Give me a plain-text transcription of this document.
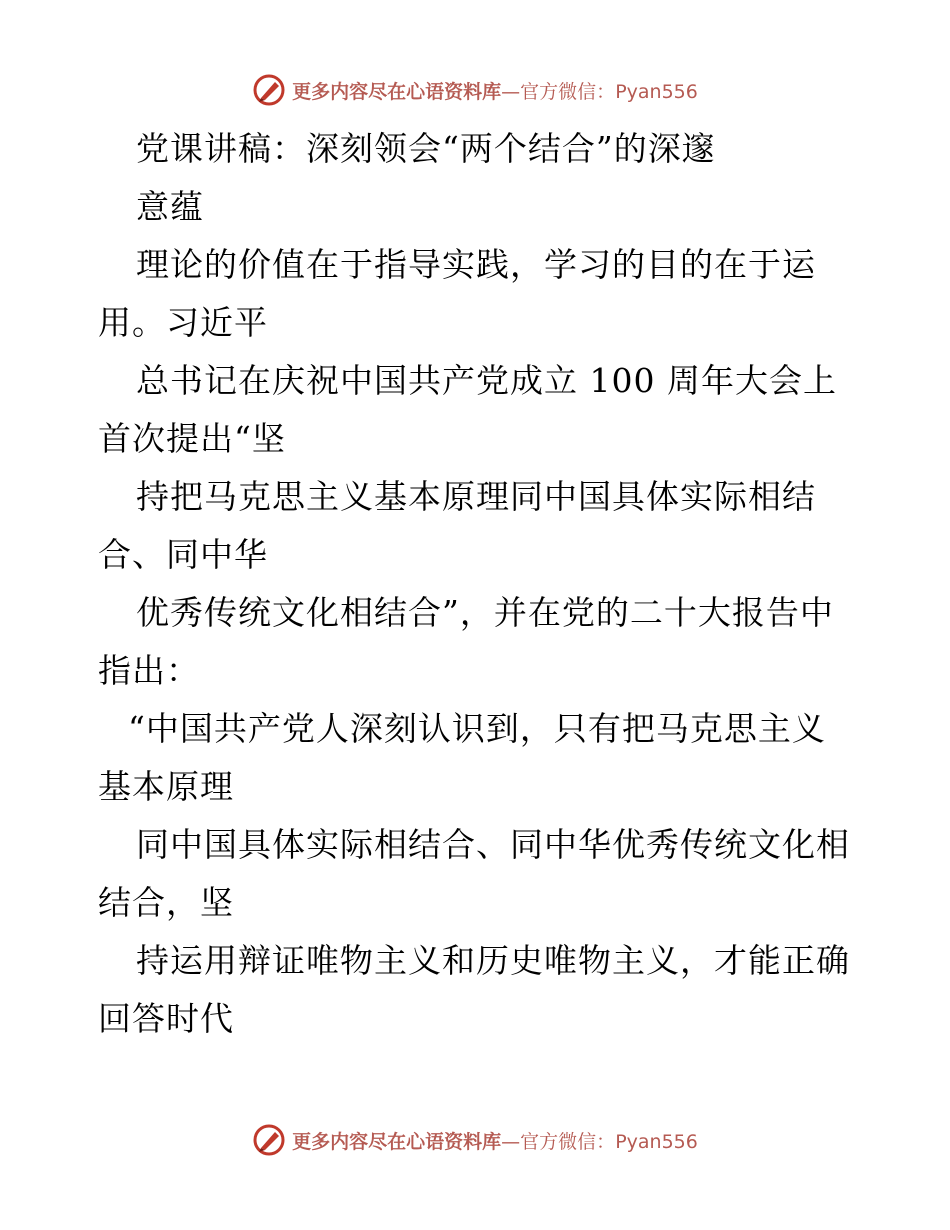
更多内容尽在心语资料库—官方微信：Pyan556
党课讲稿：深刻领会“两个结合”的深邃
意蕴
理论的价值在于指导实践，学习的目的在于运
用。习近平
总书记在庆祝中国共产党成立 100 周年大会上
首次提出“坚
持把马克思主义基本原理同中国具体实际相结
合、同中华
优秀传统文化相结合”，并在党的二十大报告中
指出：
“中国共产党人深刻认识到，只有把马克思主义
基本原理
同中国具体实际相结合、同中华优秀传统文化相
结合，坚
持运用辩证唯物主义和历史唯物主义，才能正确
回答时代
更多内容尽在心语资料库—官方微信：Pyan556
